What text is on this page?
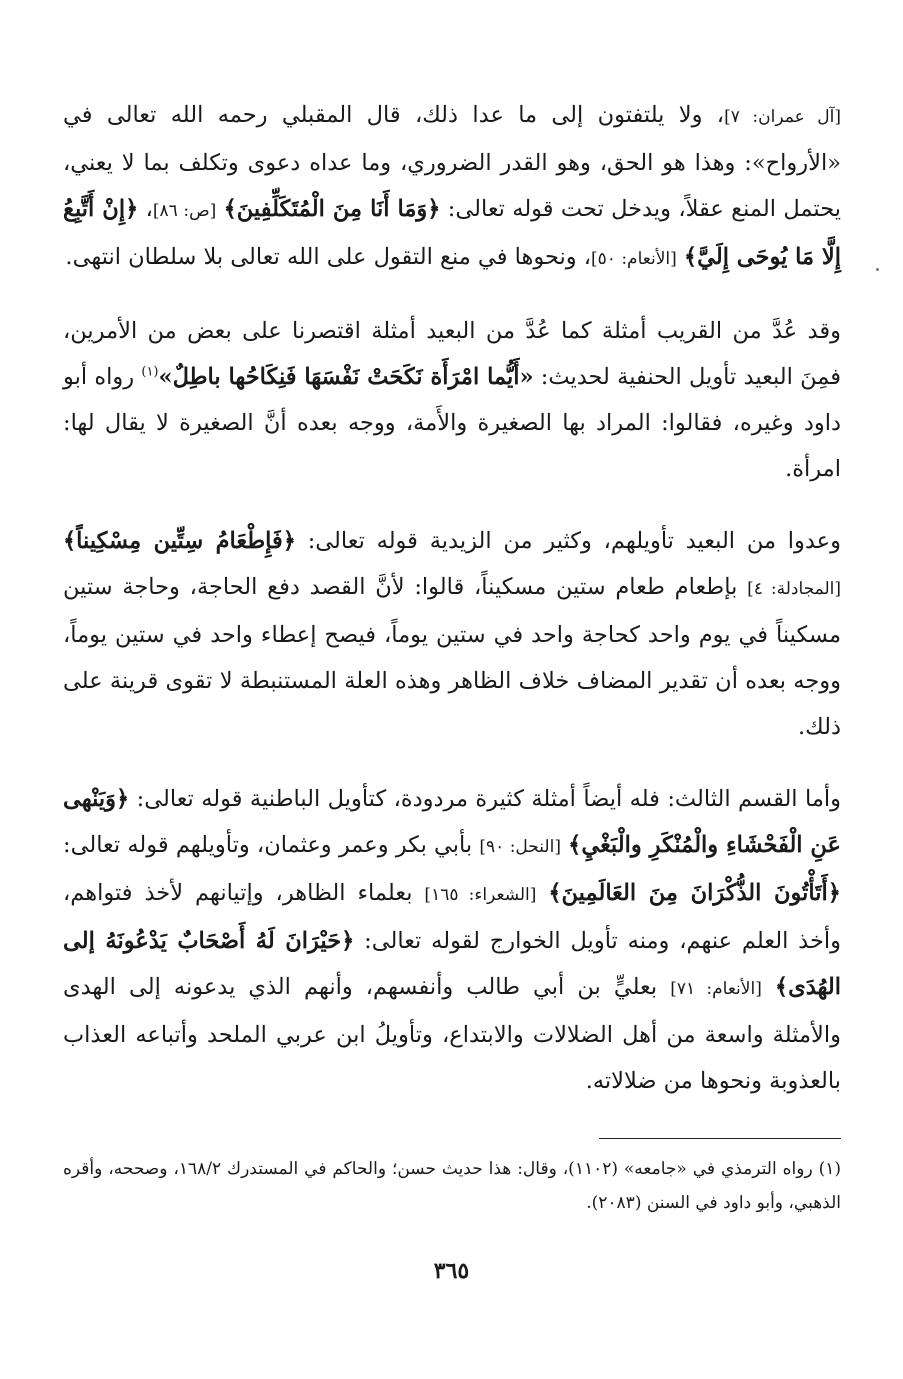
[آل عمران: ٧]، ولا يلتفتون إلى ما عدا ذلك، قال المقبلي رحمه الله تعالى في «الأرواح»: وهذا هو الحق، وهو القدر الضروري، وما عداه دعوى وتكلف بما لا يعني، يحتمل المنع عقلاً، ويدخل تحت قوله تعالى: ﴿وَمَا أَنَا مِنَ الْمُتَكَلِّفِينَ﴾ [ص: ٨٦]، ﴿إِنْ أَتَّبِعُ إِلَّا مَا يُوحَى إِلَيَّ﴾ [الأنعام: ٥٠]، ونحوها في منع التقول على الله تعالى بلا سلطان انتهى.

وقد عُدَّ من القريب أمثلة كما عُدَّ من البعيد أمثلة اقتصرنا على بعض من الأمرين، فمِنَ البعيد تأويل الحنفية لحديث: «أَيُّما امْرَأَة نَكَحَتْ نَفْسَهَا فَنِكَاحُها باطِلٌ»$^{(١)}$ رواه أبو داود وغيره، فقالوا: المراد بها الصغيرة والأَمة، ووجه بعده أنَّ الصغيرة لا يقال لها: امرأة.

وعدوا من البعيد تأويلهم، وكثير من الزيدية قوله تعالى: ﴿فَإِطْعَامُ سِتِّين مِسْكِيناً﴾ [المجادلة: ٤] بإطعام طعام ستين مسكيناً، قالوا: لأنَّ القصد دفع الحاجة، وحاجة ستين مسكيناً في يوم واحد كحاجة واحد في ستين يوماً، فيصح إعطاء واحد في ستين يوماً، ووجه بعده أن تقدير المضاف خلاف الظاهر وهذه العلة المستنبطة لا تقوى قرينة على ذلك.

وأما القسم الثالث: فله أيضاً أمثلة كثيرة مردودة، كتأويل الباطنية قوله تعالى: ﴿وَيَنْهى عَنِ الْفَحْشَاءِ والْمُنْكَرِ والْبَغْيِ﴾ [النحل: ٩٠] بأبي بكر وعمر وعثمان، وتأويلهم قوله تعالى: ﴿أَتَأْتُونَ الذُّكْرَانَ مِنَ العَالَمِينَ﴾ [الشعراء: ١٦٥] بعلماء الظاهر، وإتيانهم لأخذ فتواهم، وأخذ العلم عنهم، ومنه تأويل الخوارج لقوله تعالى: ﴿حَيْرَانَ لَهُ أَصْحَابٌ يَدْعُونَهُ إلى الهُدَى﴾ [الأنعام: ٧١] بعليٍّ بن أبي طالب وأنفسهم، وأنهم الذي يدعونه إلى الهدى والأمثلة واسعة من أهل الضلالات والابتداع، وتأويلُ ابن عربي الملحد وأتباعه العذاب بالعذوبة ونحوها من ضلالاته.

(١) رواه الترمذي في «جامعه» (١١٠٢)، وقال: هذا حديث حسن؛ والحاكم في المستدرك ١٦٨/٢، وصححه، وأقره الذهبي، وأبو داود في السنن (٢٠٨٣).

٣٦٥
